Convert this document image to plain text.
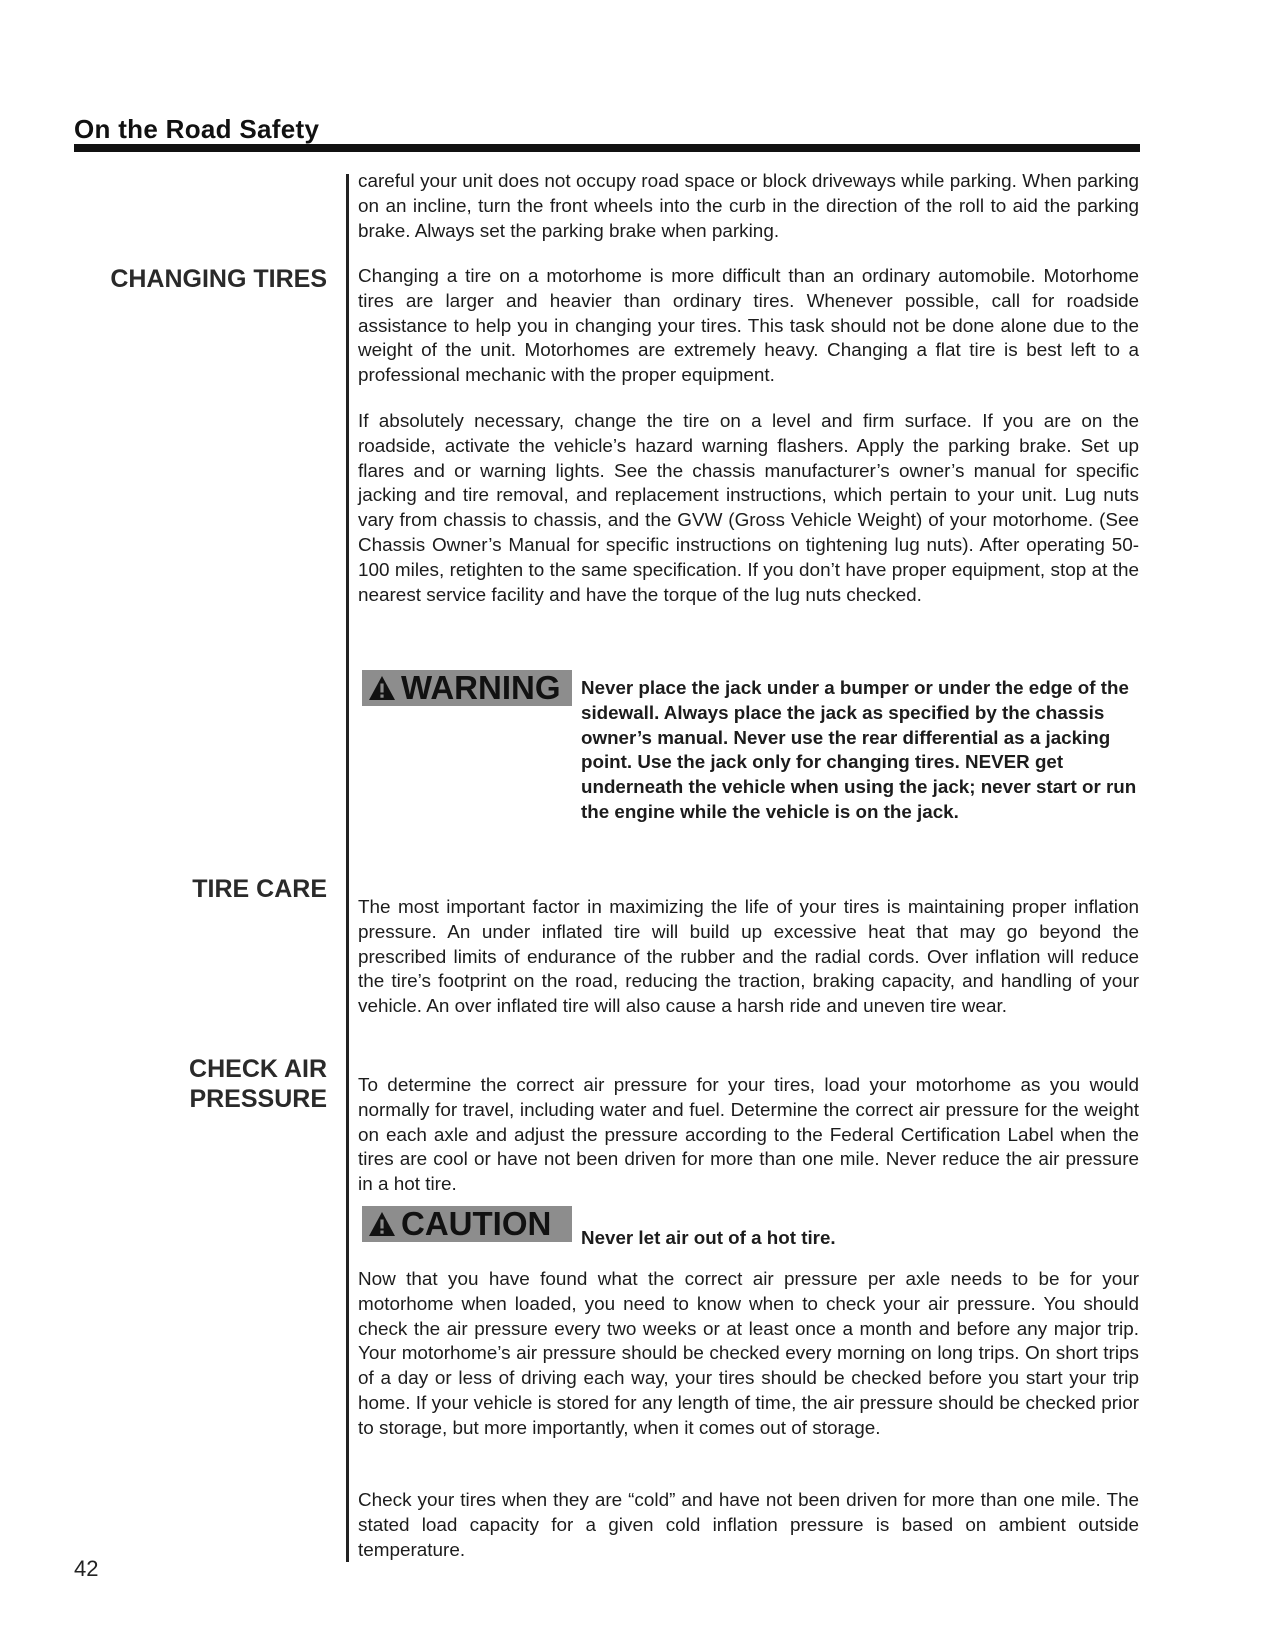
On the Road Safety
CHANGING TIRES
TIRE CARE
CHECK AIR
PRESSURE

careful your unit does not occupy road space or block driveways while parking. When parking on an incline, turn the front wheels into the curb in the direction of the roll to aid the parking brake. Always set the parking brake when parking.

Changing a tire on a motorhome is more difficult than an ordinary automobile. Motorhome tires are larger and heavier than ordinary tires. Whenever possible, call for roadside assistance to help you in changing your tires. This task should not be done alone due to the weight of the unit. Motorhomes are extremely heavy. Changing a flat tire is best left to a professional mechanic with the proper equipment.

If absolutely necessary, change the tire on a level and firm surface. If you are on the roadside, activate the vehicle’s hazard warning flashers. Apply the parking brake. Set up flares and or warning lights. See the chassis manufacturer’s owner’s manual for specific jacking and tire removal, and replacement instructions, which pertain to your unit. Lug nuts vary from chassis to chassis, and the GVW (Gross Vehicle Weight) of your motorhome. (See Chassis Owner’s Manual for specific instructions on tightening lug nuts). After operating 50-100 miles, retighten to the same specification. If you don’t have proper equipment, stop at the nearest service facility and have the torque of the lug nuts checked.

WARNING Never place the jack under a bumper or under the edge of the sidewall. Always place the jack as specified by the chassis owner’s manual. Never use the rear differential as a jacking point. Use the jack only for changing tires. NEVER get underneath the vehicle when using the jack; never start or run the engine while the vehicle is on the jack.

The most important factor in maximizing the life of your tires is maintaining proper inflation pressure. An under inflated tire will build up excessive heat that may go beyond the prescribed limits of endurance of the rubber and the radial cords. Over inflation will reduce the tire’s footprint on the road, reducing the traction, braking capacity, and handling of your vehicle. An over inflated tire will also cause a harsh ride and uneven tire wear.

To determine the correct air pressure for your tires, load your motorhome as you would normally for travel, including water and fuel. Determine the correct air pressure for the weight on each axle and adjust the pressure according to the Federal Certification Label when the tires are cool or have not been driven for more than one mile. Never reduce the air pressure in a hot tire.

CAUTION Never let air out of a hot tire.

Now that you have found what the correct air pressure per axle needs to be for your motorhome when loaded, you need to know when to check your air pressure. You should check the air pressure every two weeks or at least once a month and before any major trip. Your motorhome’s air pressure should be checked every morning on long trips. On short trips of a day or less of driving each way, your tires should be checked before you start your trip home. If your vehicle is stored for any length of time, the air pressure should be checked prior to storage, but more importantly, when it comes out of storage.

Check your tires when they are “cold” and have not been driven for more than one mile. The stated load capacity for a given cold inflation pressure is based on ambient outside temperature.

42
